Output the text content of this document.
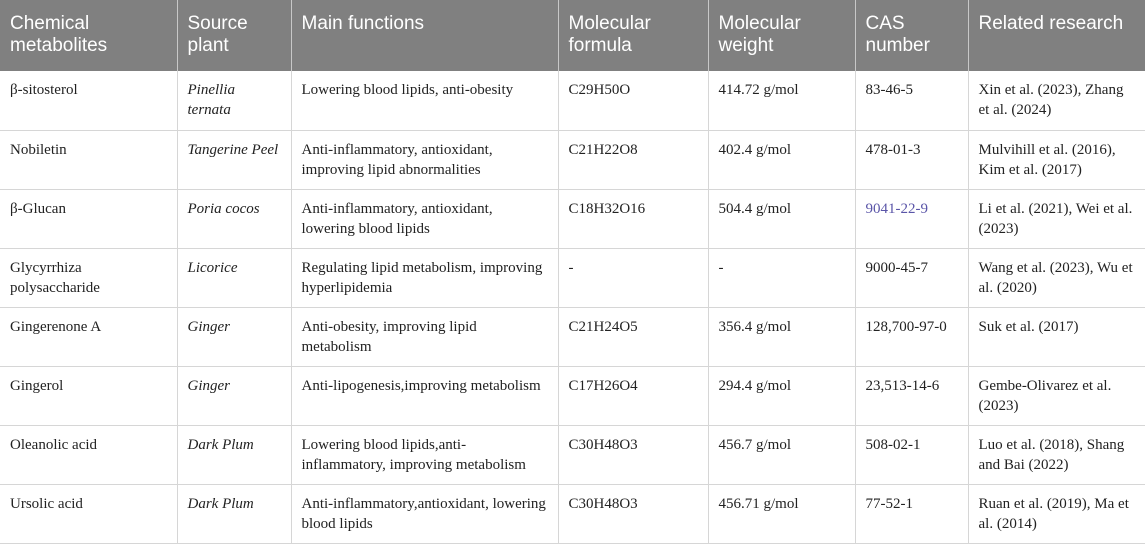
Chemical metabolites	Source plant	Main functions	Molecular formula	Molecular weight	CAS number	Related research
β-sitosterol	Pinellia ternata	Lowering blood lipids, anti-obesity	C29H50O	414.72 g/mol	83-46-5	Xin et al. (2023), Zhang et al. (2024)
Nobiletin	Tangerine Peel	Anti-inflammatory, antioxidant, improving lipid abnormalities	C21H22O8	402.4 g/mol	478-01-3	Mulvihill et al. (2016), Kim et al. (2017)
β-Glucan	Poria cocos	Anti-inflammatory, antioxidant, lowering blood lipids	C18H32O16	504.4 g/mol	9041-22-9	Li et al. (2021), Wei et al. (2023)
Glycyrrhiza polysaccharide	Licorice	Regulating lipid metabolism, improving hyperlipidemia	-	-	9000-45-7	Wang et al. (2023), Wu et al. (2020)
Gingerenone A	Ginger	Anti-obesity, improving lipid metabolism	C21H24O5	356.4 g/mol	128,700-97-0	Suk et al. (2017)
Gingerol	Ginger	Anti-lipogenesis,improving metabolism	C17H26O4	294.4 g/mol	23,513-14-6	Gembe-Olivarez et al. (2023)
Oleanolic acid	Dark Plum	Lowering blood lipids,anti-inflammatory, improving metabolism	C30H48O3	456.7 g/mol	508-02-1	Luo et al. (2018), Shang and Bai (2022)
Ursolic acid	Dark Plum	Anti-inflammatory,antioxidant, lowering blood lipids	C30H48O3	456.71 g/mol	77-52-1	Ruan et al. (2019), Ma et al. (2014)
